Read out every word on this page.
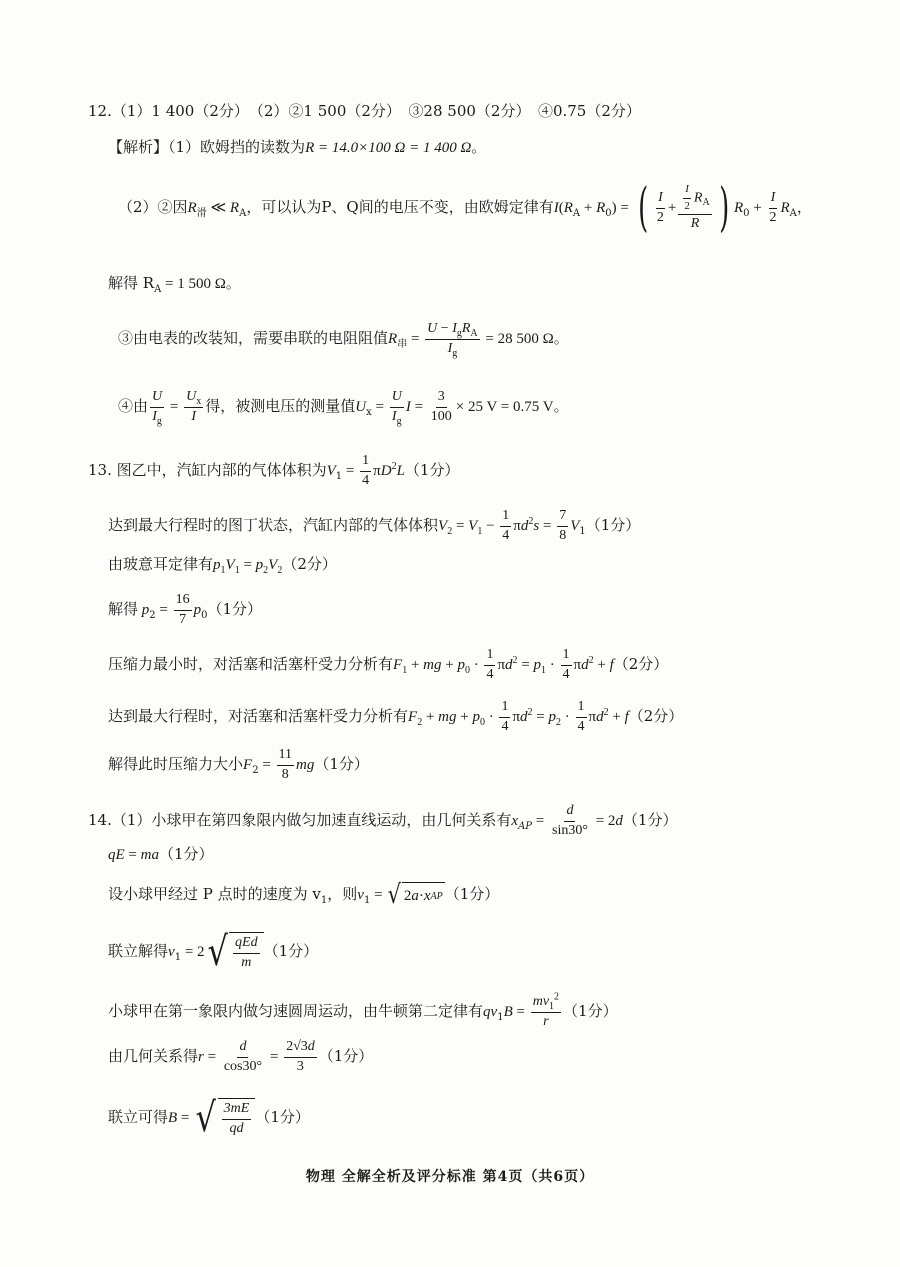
12.（1）1 400（2分）　（2）②1 500（2分）　③28 500（2分）　④0.75（2分）
【解析】（1）欧姆挡的读数为R = 14.0×100 Ω = 1 400 Ω。
（2）②因$R_滑$ ≪ $R_A$，可以认为P、Q间的电压不变，由欧姆定律有$I(R_A + R_0)$ = ( $\frac{I}{2} + \frac{\frac{I}{2} R_A}{R}$ ) $R_0 + \frac{I}{2} R_A$，
解得 $R_A = 1$ 500 Ω。
③由电表的改装知，需要串联的电阻阻值$R_串 = \frac{U - I_gR_A}{I_g} = 28$ 500 Ω。
④由 $\frac{U}{I_g} = \frac{U_x}{I}$ 得，被测电压的测量值$U_x = \frac{U}{I_g}$ $I = \frac{3}{100} \times 25$ V = 0.75 V。
13. 图乙中，汽缸内部的气体体积为$V_1 = \frac{1}{4} \pi D^2L(1$分）
达到最大行程时的图丁状态，汽缸内部的气体体积$V_2 = V_1 - \frac{1}{4} \pi d^2s = \frac{7}{8} V_1(1$分）
由玻意耳定律有$p_1V_1 = p_2V_2(2$分）
解得 $p_2 = \frac{16}{7} p_0(1$分）
压缩力最小时，对活塞和活塞杆受力分析有$F_1$ + mg + $p_0 \cdot \frac{1}{4} \pi d^2 = p_1 \cdot \frac{1}{4} \pi d^2 + f(2$分）
达到最大行程时，对活塞和活塞杆受力分析有$F_2$ + mg + $p_0 \cdot \frac{1}{4} \pi d^2 = p_2 \cdot \frac{1}{4} \pi d^2 + f(2$分）
解得此时压缩力大小$F_2 = \frac{11}{8} mg(1$分）
14.（1）小球甲在第四象限内做匀加速直线运动，由几何关系有$x_{AP} = \frac{d}{\sin 30^\circ} = 2d(1$分）
qE = ma（1分）
设小球甲经过 P 点时的速度为 $v_1$，则$v_1$ = √ 2 a · x AP （1分）
联立解得$v_1 = 2$ √ $\frac{\text{qEd}}{m} (1$分）
小球甲在第一象限内做匀速圆周运动，由牛顿第二定律有$qv_1B = \frac{mv_1^2}{r} (1$分）
由几何关系得$r = \frac{d}{\cos 30^\circ} = \frac{2√3d}{3} (1$分）
联立可得B = √ $\frac{3mE}{qd} (1$分）
物理 全解全析及评分标准 第4页（共6页）
